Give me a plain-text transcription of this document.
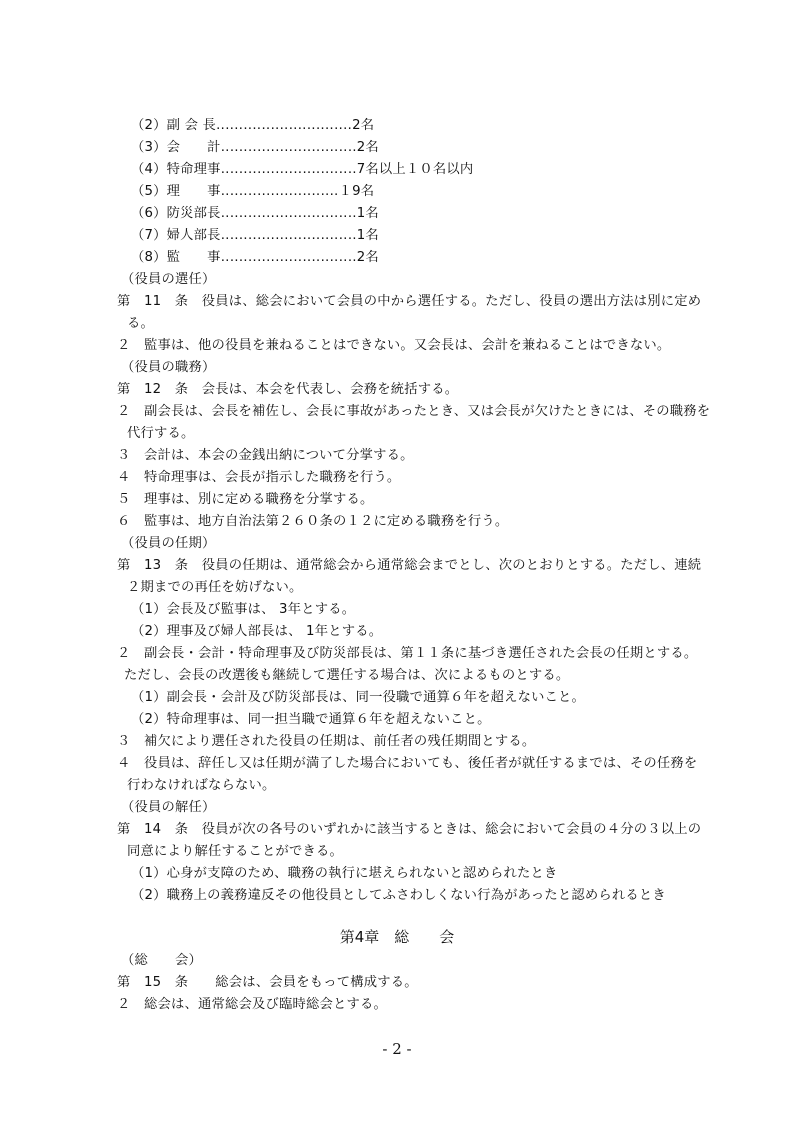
（2）副 会 長‥‥‥‥‥‥‥‥‥‥‥‥‥‥‥2名
（3）会　　計‥‥‥‥‥‥‥‥‥‥‥‥‥‥‥2名
（4）特命理事‥‥‥‥‥‥‥‥‥‥‥‥‥‥‥7名以上１０名以内
（5）理　　事‥‥‥‥‥‥‥‥‥‥‥‥‥１9名
（6）防災部長‥‥‥‥‥‥‥‥‥‥‥‥‥‥‥1名
（7）婦人部長‥‥‥‥‥‥‥‥‥‥‥‥‥‥‥1名
（8）監　　事‥‥‥‥‥‥‥‥‥‥‥‥‥‥‥2名
（役員の選任）
第　11　条　役員は、総会において会員の中から選任する。ただし、役員の選出方法は別に定め
る。
２　監事は、他の役員を兼ねることはできない。又会長は、会計を兼ねることはできない。
（役員の職務）
第　12　条　会長は、本会を代表し、会務を統括する。
２　副会長は、会長を補佐し、会長に事故があったとき、又は会長が欠けたときには、その職務を
代行する。
３　会計は、本会の金銭出納について分掌する。
４　特命理事は、会長が指示した職務を行う。
５　理事は、別に定める職務を分掌する。
６　監事は、地方自治法第２６０条の１２に定める職務を行う。
（役員の任期）
第　13　条　役員の任期は、通常総会から通常総会までとし、次のとおりとする。ただし、連続
２期までの再任を妨げない。
（1）会長及び監事は、 3年とする。
（2）理事及び婦人部長は、 1年とする。
２　副会長・会計・特命理事及び防災部長は、第１１条に基づき選任された会長の任期とする。
ただし、会長の改選後も継続して選任する場合は、次によるものとする。
（1）副会長・会計及び防災部長は、同一役職で通算６年を超えないこと。
（2）特命理事は、同一担当職で通算６年を超えないこと。
３　補欠により選任された役員の任期は、前任者の残任期間とする。
４　役員は、辞任し又は任期が満了した場合においても、後任者が就任するまでは、その任務を
行わなければならない。
（役員の解任）
第　14　条　役員が次の各号のいずれかに該当するときは、総会において会員の４分の３以上の
同意により解任することができる。
（1）心身が支障のため、職務の執行に堪えられないと認められたとき
（2）職務上の義務違反その他役員としてふさわしくない行為があったと認められるとき
第4章　総　　会
（総　　会）
第　15　条　　総会は、会員をもって構成する。
２　総会は、通常総会及び臨時総会とする。
- 2 -
